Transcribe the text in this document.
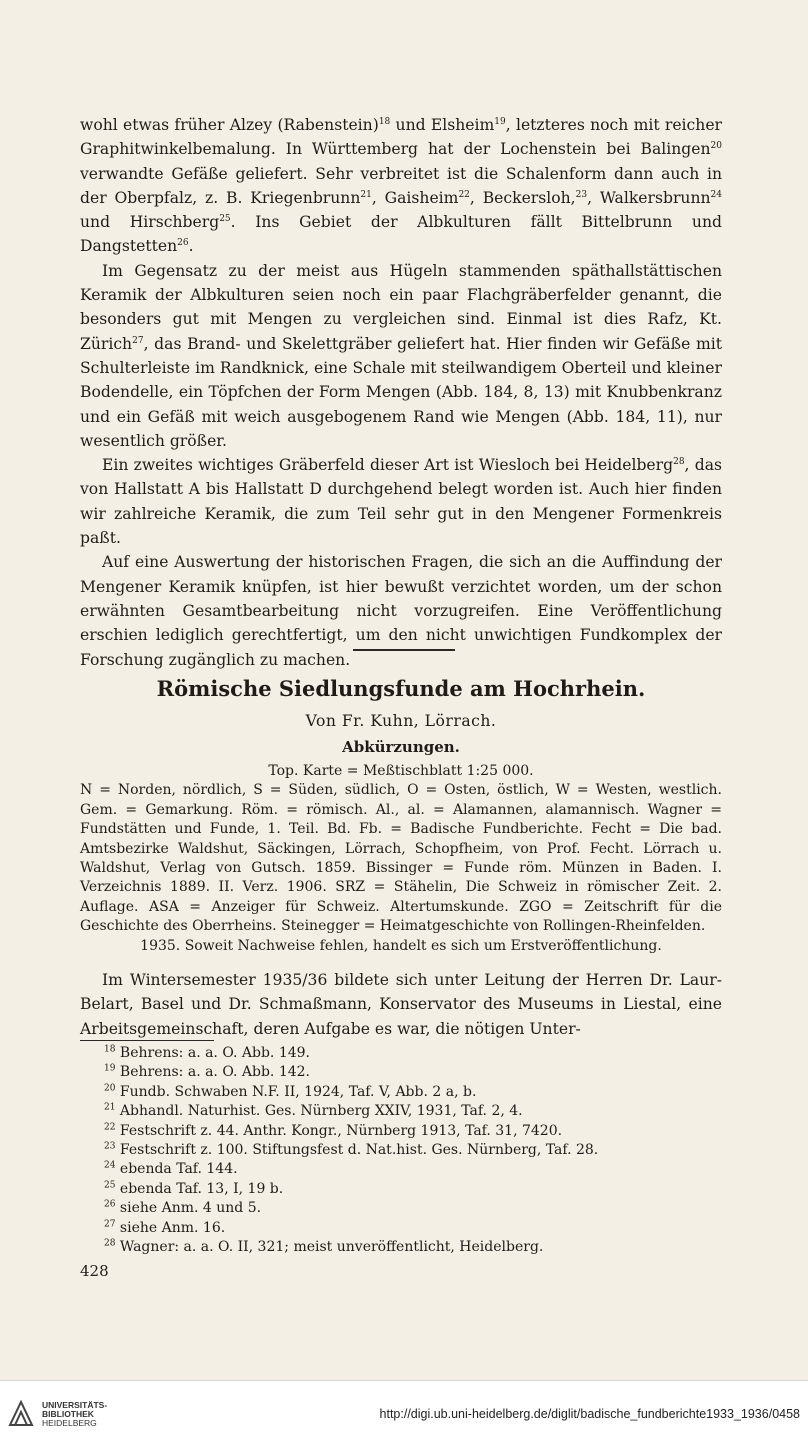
wohl etwas früher Alzey (Rabenstein)$^{18}$ und Elsheim$^{19}$, letzteres noch mit reicher Graphitwinkelbemalung. In Württemberg hat der Lochenstein bei Balingen$^{20}$ verwandte Gefäße geliefert. Sehr verbreitet ist die Schalenform dann auch in der Oberpfalz, z. B. Kriegenbrunn$^{21}$, Gaisheim$^{22}$, Beckersloh,$^{23}$, Walkersbrunn$^{24}$ und Hirschberg$^{25}$. Ins Gebiet der Albkulturen fällt Bittelbrunn und Dangstetten$^{26}$.

Im Gegensatz zu der meist aus Hügeln stammenden späthallstättischen Keramik der Albkulturen seien noch ein paar Flachgräberfelder genannt, die besonders gut mit Mengen zu vergleichen sind. Einmal ist dies Rafz, Kt. Zürich$^{27}$, das Brand- und Skelettgräber geliefert hat. Hier finden wir Gefäße mit Schulterleiste im Randknick, eine Schale mit steilwandigem Oberteil und kleiner Bodendelle, ein Töpfchen der Form Mengen (Abb. 184, 8, 13) mit Knubbenkranz und ein Gefäß mit weich ausgebogenem Rand wie Mengen (Abb. 184, 11), nur wesentlich größer.

Ein zweites wichtiges Gräberfeld dieser Art ist Wiesloch bei Heidelberg$^{28}$, das von Hallstatt A bis Hallstatt D durchgehend belegt worden ist. Auch hier finden wir zahlreiche Keramik, die zum Teil sehr gut in den Mengener Formenkreis paßt.

Auf eine Auswertung der historischen Fragen, die sich an die Auffindung der Mengener Keramik knüpfen, ist hier bewußt verzichtet worden, um der schon erwähnten Gesamtbearbeitung nicht vorzugreifen. Eine Veröffentlichung erschien lediglich gerechtfertigt, um den nicht unwichtigen Fundkomplex der Forschung zugänglich zu machen.

Römische Siedlungsfunde am Hochrhein.
Von Fr. Kuhn, Lörrach.
Abkürzungen.

Top. Karte = Meßtischblatt 1:25 000.

N = Norden, nördlich, S = Süden, südlich, O = Osten, östlich, W = Westen, westlich. Gem. = Gemarkung. Röm. = römisch. Al., al. = Alamannen, alamannisch. Wagner = Fundstätten und Funde, 1. Teil. Bd. Fb. = Badische Fundberichte. Fecht = Die bad. Amtsbezirke Waldshut, Säckingen, Lörrach, Schopfheim, von Prof. Fecht. Lörrach u. Waldshut, Verlag von Gutsch. 1859. Bissinger = Funde röm. Münzen in Baden. I. Verzeichnis 1889. II. Verz. 1906. SRZ = Stähelin, Die Schweiz in römischer Zeit. 2. Auflage. ASA = Anzeiger für Schweiz. Altertumskunde. ZGO = Zeitschrift für die Geschichte des Oberrheins. Steinegger = Heimatgeschichte von Rollingen-Rheinfelden.

1935. Soweit Nachweise fehlen, handelt es sich um Erstveröffentlichung.

Im Wintersemester 1935/36 bildete sich unter Leitung der Herren Dr. Laur-Belart, Basel und Dr. Schmaßmann, Konservator des Museums in Liestal, eine Arbeitsgemeinschaft, deren Aufgabe es war, die nötigen Unter-

$^{18}$ Behrens: a. a. O. Abb. 149.
$^{19}$ Behrens: a. a. O. Abb. 142.
$^{20}$ Fundb. Schwaben N.F. II, 1924, Taf. V, Abb. 2 a, b.
$^{21}$ Abhandl. Naturhist. Ges. Nürnberg XXIV, 1931, Taf. 2, 4.
$^{22}$ Festschrift z. 44. Anthr. Kongr., Nürnberg 1913, Taf. 31, 7420.
$^{23}$ Festschrift z. 100. Stiftungsfest d. Nat.hist. Ges. Nürnberg, Taf. 28.
$^{24}$ ebenda Taf. 144.
$^{25}$ ebenda Taf. 13, I, 19 b.
$^{26}$ siehe Anm. 4 und 5.
$^{27}$ siehe Anm. 16.
$^{28}$ Wagner: a. a. O. II, 321; meist unveröffentlicht, Heidelberg.
428
UNIVERSITÄTS-
BIBLIOTHEK
HEIDELBERG
http://digi.ub.uni-heidelberg.de/diglit/badische_fundberichte1933_1936/0458
